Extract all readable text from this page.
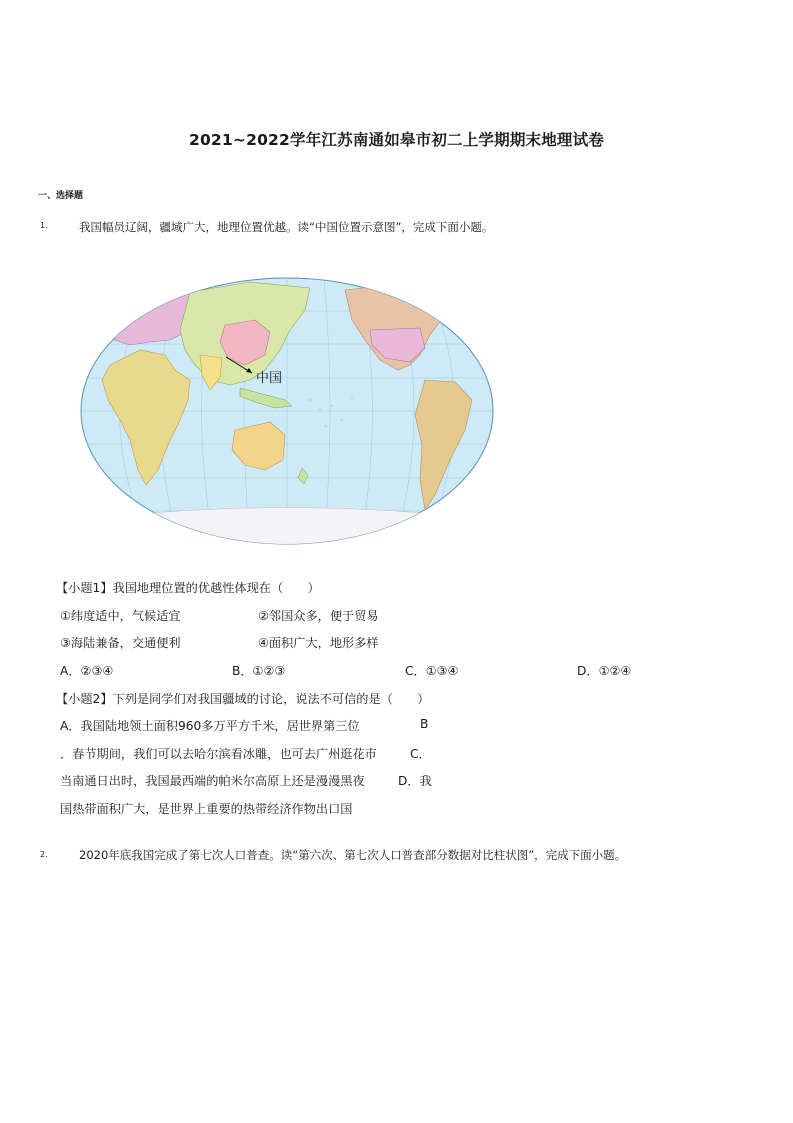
2021~2022学年江苏南通如皋市初二上学期期末地理试卷
一、选择题
1.	我国幅员辽阔，疆域广大，地理位置优越。读“中国位置示意图”，完成下面小题。
中国
【小题1】我国地理位置的优越性体现在（　　）
①纬度适中，气候适宜	②邻国众多，便于贸易
③海陆兼备，交通便利	④面积广大，地形多样
A．②③④	B．①②③	C．①③④	D．①②④
【小题2】下列是同学们对我国疆域的讨论，说法不可信的是（　　）
A．我国陆地领土面积960多万平方千米，居世界第三位	B
．春节期间，我们可以去哈尔滨看冰雕，也可去广州逛花市	C．
当南通日出时，我国最西端的帕米尔高原上还是漫漫黑夜	D．我
国热带面积广大，是世界上重要的热带经济作物出口国
2.	2020年底我国完成了第七次人口普查。读“第六次、第七次人口普查部分数据对比柱状图”，完成下面小题。
